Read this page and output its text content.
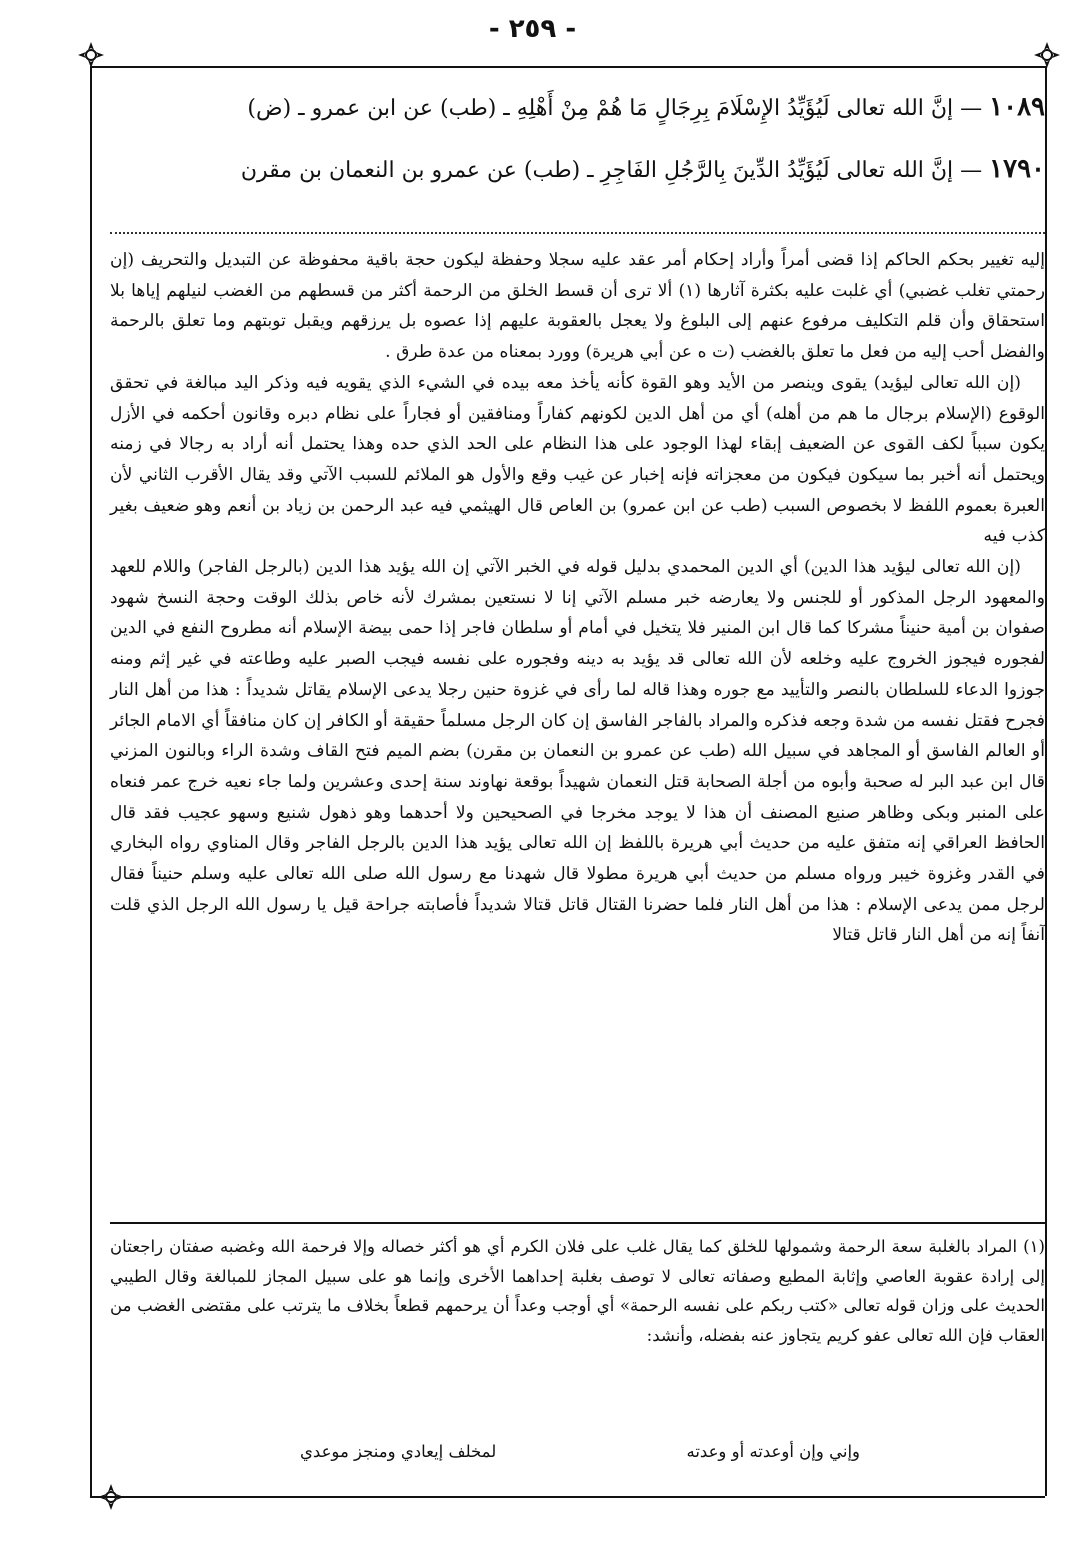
- ٢٥٩ -
١٠٨٩ — إنَّ الله تعالى لَيُؤَيِّدُ الإِسْلَامَ بِرِجَالٍ مَا هُمْ مِنْ أَهْلِهِ ـ (طب) عن ابن عمرو ـ (ض)
١٧٩٠ — إنَّ الله تعالى لَيُؤَيِّدُ الدِّينَ بِالرَّجُلِ الفَاجِرِ ـ (طب) عن عمرو بن النعمان بن مقرن

إليه تغيير بحكم الحاكم إذا قضى أمراً وأراد إحكام أمر عقد عليه سجلا وحفظة ليكون حجة باقية محفوظة عن التبديل والتحريف (إن رحمتي تغلب غضبي) أي غلبت عليه بكثرة آثارها (١) ألا ترى أن قسط الخلق من الرحمة أكثر من قسطهم من الغضب لنيلهم إياها بلا استحقاق وأن قلم التكليف مرفوع عنهم إلى البلوغ ولا يعجل بالعقوبة عليهم إذا عصوه بل يرزقهم ويقبل توبتهم وما تعلق بالرحمة والفضل أحب إليه من فعل ما تعلق بالغضب (ت ه عن أبي هريرة) وورد بمعناه من عدة طرق .

(إن الله تعالى ليؤيد) يقوى وينصر من الأيد وهو القوة كأنه يأخذ معه بيده في الشيء الذي يقويه فيه وذكر اليد مبالغة في تحقق الوقوع (الإسلام برجال ما هم من أهله) أي من أهل الدين لكونهم كفاراً ومنافقين أو فجاراً على نظام دبره وقانون أحكمه في الأزل يكون سبباً لكف القوى عن الضعيف إبقاء لهذا الوجود على هذا النظام على الحد الذي حده وهذا يحتمل أنه أراد به رجالا في زمنه ويحتمل أنه أخبر بما سيكون فيكون من معجزاته فإنه إخبار عن غيب وقع والأول هو الملائم للسبب الآتي وقد يقال الأقرب الثاني لأن العبرة بعموم اللفظ لا بخصوص السبب (طب عن ابن عمرو) بن العاص قال الهيثمي فيه عبد الرحمن بن زياد بن أنعم وهو ضعيف بغير كذب فيه

(إن الله تعالى ليؤيد هذا الدين) أي الدين المحمدي بدليل قوله في الخبر الآتي إن الله يؤيد هذا الدين (بالرجل الفاجر) واللام للعهد والمعهود الرجل المذكور أو للجنس ولا يعارضه خبر مسلم الآتي إنا لا نستعين بمشرك لأنه خاص بذلك الوقت وحجة النسخ شهود صفوان بن أمية حنيناً مشركا كما قال ابن المنير فلا يتخيل في أمام أو سلطان فاجر إذا حمى بيضة الإسلام أنه مطروح النفع في الدين لفجوره فيجوز الخروج عليه وخلعه لأن الله تعالى قد يؤيد به دينه وفجوره على نفسه فيجب الصبر عليه وطاعته في غير إثم ومنه جوزوا الدعاء للسلطان بالنصر والتأييد مع جوره وهذا قاله لما رأى في غزوة حنين رجلا يدعى الإسلام يقاتل شديداً : هذا من أهل النار فجرح فقتل نفسه من شدة وجعه فذكره والمراد بالفاجر الفاسق إن كان الرجل مسلماً حقيقة أو الكافر إن كان منافقاً أي الامام الجائر أو العالم الفاسق أو المجاهد في سبيل الله (طب عن عمرو بن النعمان بن مقرن) بضم الميم فتح القاف وشدة الراء وبالنون المزني قال ابن عبد البر له صحبة وأبوه من أجلة الصحابة قتل النعمان شهيداً بوقعة نهاوند سنة إحدى وعشرين ولما جاء نعيه خرج عمر فنعاه على المنبر وبكى وظاهر صنيع المصنف أن هذا لا يوجد مخرجا في الصحيحين ولا أحدهما وهو ذهول شنيع وسهو عجيب فقد قال الحافظ العراقي إنه متفق عليه من حديث أبي هريرة باللفظ إن الله تعالى يؤيد هذا الدين بالرجل الفاجر وقال المناوي رواه البخاري في القدر وغزوة خيبر ورواه مسلم من حديث أبي هريرة مطولا قال شهدنا مع رسول الله صلى الله تعالى عليه وسلم حنيناً فقال لرجل ممن يدعى الإسلام : هذا من أهل النار فلما حضرنا القتال قاتل قتالا شديداً فأصابته جراحة قيل يا رسول الله الرجل الذي قلت آنفاً إنه من أهل النار قاتل قتالا

(١) المراد بالغلبة سعة الرحمة وشمولها للخلق كما يقال غلب على فلان الكرم أي هو أكثر خصاله وإلا فرحمة الله وغضبه صفتان راجعتان إلى إرادة عقوبة العاصي وإثابة المطيع وصفاته تعالى لا توصف بغلبة إحداهما الأخرى وإنما هو على سبيل المجاز للمبالغة وقال الطيبي الحديث على وزان قوله تعالى «كتب ربكم على نفسه الرحمة» أي أوجب وعداً أن يرحمهم قطعاً بخلاف ما يترتب على مقتضى الغضب من العقاب فإن الله تعالى عفو كريم يتجاوز عنه بفضله، وأنشد:

وإني وإن أوعدته أو وعدته
لمخلف إيعادي ومنجز موعدي
